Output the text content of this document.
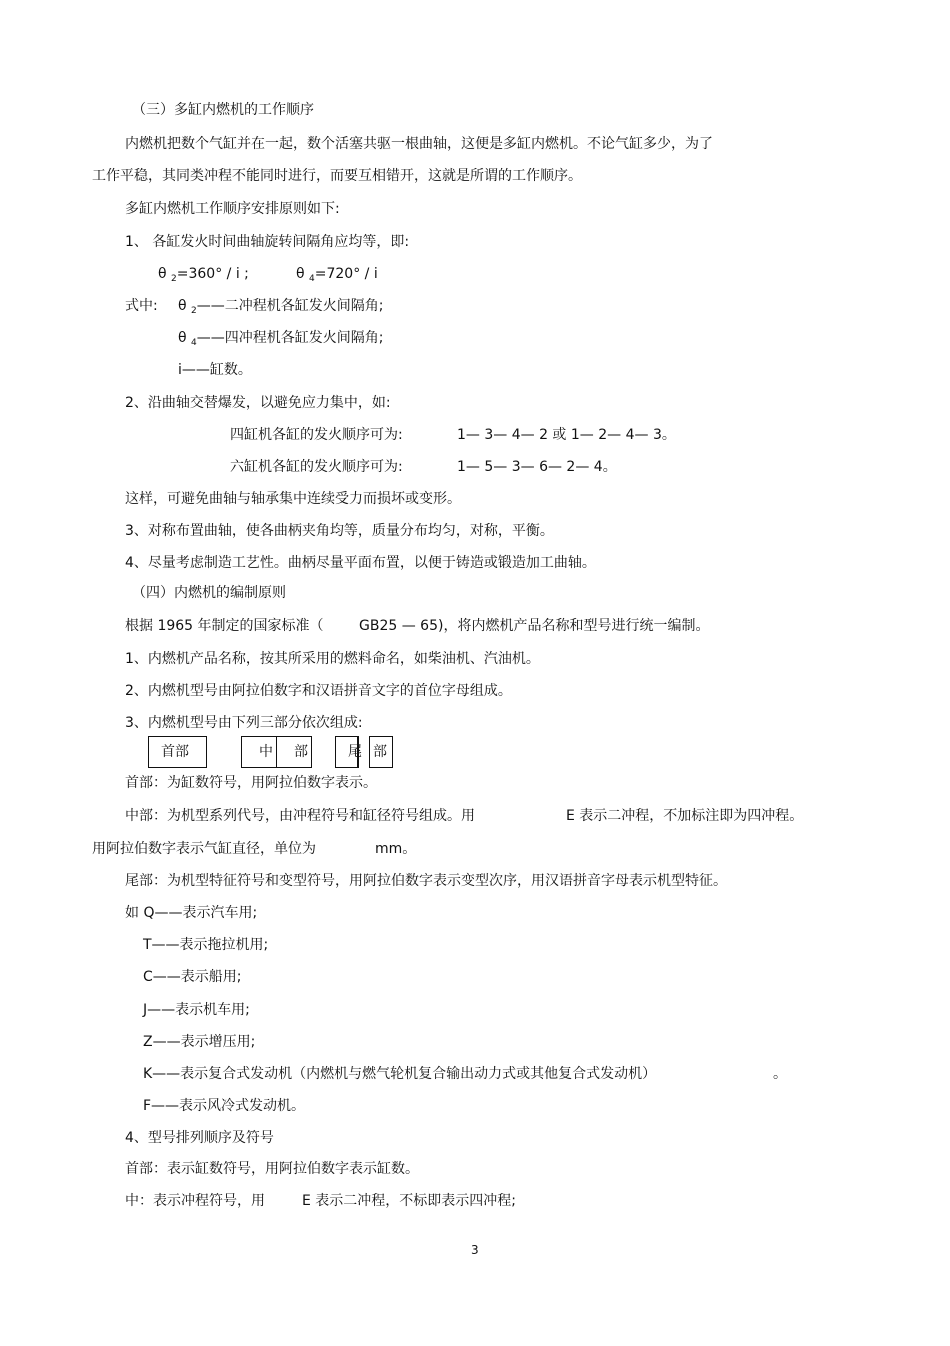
（三）多缸内燃机的工作顺序
内燃机把数个气缸并在一起，数个活塞共驱一根曲轴，这便是多缸内燃机。不论气缸多少，为了
工作平稳，其同类冲程不能同时进行，而要互相错开，这就是所谓的工作顺序。
多缸内燃机工作顺序安排原则如下:
1、 各缸发火时间曲轴旋转间隔角应均等，即:
θ $_2$=360° / i ;	θ $_4$=720° / i
式中: θ $_2$——二冲程机各缸发火间隔角;
θ $_4$——四冲程机各缸发火间隔角;
i——缸数。
2、沿曲轴交替爆发，以避免应力集中，如:
四缸机各缸的发火顺序可为:	1— 3— 4— 2 或 1— 2— 4— 3。
六缸机各缸的发火顺序可为:	1— 5— 3— 6— 2— 4。
这样，可避免曲轴与轴承集中连续受力而损坏或变形。
3、对称布置曲轴，使各曲柄夹角均等，质量分布均匀，对称，平衡。
4、尽量考虑制造工艺性。曲柄尽量平面布置，以便于铸造或锻造加工曲轴。
（四）内燃机的编制原则
根据 1965 年制定的国家标准（	GB25 — 65)，将内燃机产品名称和型号进行统一编制。
1、内燃机产品名称，按其所采用的燃料命名，如柴油机、汽油机。
2、内燃机型号由阿拉伯数字和汉语拼音文字的首位字母组成。
3、内燃机型号由下列三部分依次组成:
首部	中	部	尾 部
首部：为缸数符号，用阿拉伯数字表示。
中部：为机型系列代号，由冲程符号和缸径符号组成。用	E 表示二冲程，不加标注即为四冲程。
用阿拉伯数字表示气缸直径，单位为	mm。
尾部：为机型特征符号和变型符号，用阿拉伯数字表示变型次序，用汉语拼音字母表示机型特征。
如 Q——表示汽车用;
T——表示拖拉机用;
C——表示船用;
J——表示机车用;
Z——表示增压用;
K——表示复合式发动机（内燃机与燃气轮机复合输出动力式或其他复合式发动机）	。
F——表示风冷式发动机。
4、型号排列顺序及符号
首部：表示缸数符号，用阿拉伯数字表示缸数。
中：表示冲程符号，用	E 表示二冲程，不标即表示四冲程;
3
